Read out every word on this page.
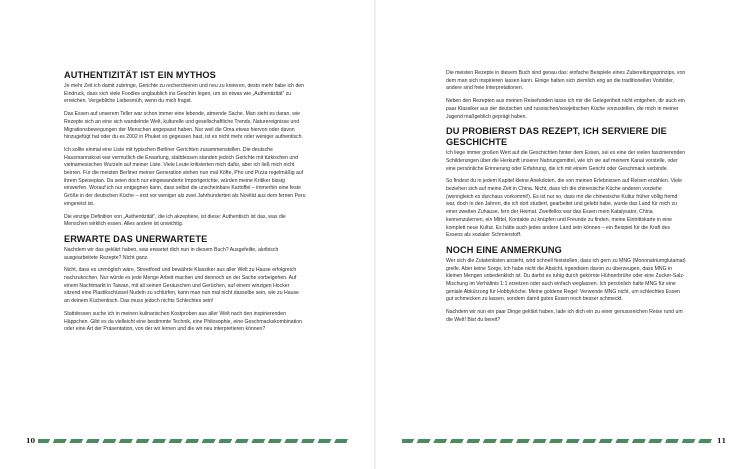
AUTHENTIZITÄT IST EIN MYTHOS

Je mehr Zeit ich damit zubringe, Gerichte zu recherchieren und neu zu kreieren, desto mehr habe ich den Eindruck, dass sich viele Foodies unglaublich ins Geschirr legen, um so etwas wie „Authentizität“ zu erreichen. Vergebliche Liebesmüh, wenn du mich fragst.

Das Essen auf unserem Teller war schon immer eine lebende, atmende Sache. Man sieht es daran, wie Rezepte sich an eine sich wandelnde Welt, kulturelle und gesellschaftliche Trends, Naturereignisse und Migrationsbewegungen der Menschen angepasst haben. Nur weil die Oma etwas hiervon oder davon hinzugefügt hat oder du es 2002 in Phuket so gegessen hast, ist es nicht mehr oder weniger authentisch.

Ich sollte einmal eine Liste mit typischen Berliner Gerichten zusammenstellen. Die deutsche Hausmannskost war vermutlich die Erwartung, stattdessen standen jedoch Gerichte mit türkischen und vietnamesischen Wurzeln auf meiner Liste. Viele Leute kritisierten mich dafür, aber ich ließ mich nicht beirren. Für die meisten Berliner meiner Generation stehen nun mal Köfte, Pho und Pizza regelmäßig auf ihrem Speiseplan. Da seien doch nur eingewanderte Importgerichte, würden meine Kritiker bissig einwerfen. Worauf ich nur entgegnen kann, dass selbst die unscheinbare Kartoffel – immerhin eine feste Größe in der deutschen Küche – erst vor weniger als zwei Jahrhunderten als Novität aus dem fernen Peru eingereist ist.

Die einzige Definition von „Authentizität“, die ich akzeptiere, ist diese: Authentisch ist das, was die Menschen wirklich essen. Alles andere ist unwichtig.

ERWARTE DAS UNERWARTETE

Nachdem wir das geklärt haben, was erwartet dich nun in diesem Buch? Ausgefeilte, akribisch ausgearbeitete Rezepte? Nicht ganz.

Nicht, dass es unmöglich wäre, Streetfood und bewährte Klassiker aus aller Welt zu Hause erfolgreich nachzukochen. Nur würde es jede Menge Arbeit machen und dennoch an der Sache vorbeigehen. Auf einem Nachtmarkt in Taiwan, mit all seinen Geräuschen und Gerüchen, auf einem winzigen Hocker sitzend eine Plastikschüssel Nudeln zu schlürfen, kann man nun mal nicht dasselbe sein, wie zu Hause an deinem Küchentisch. Das muss jedoch nichts Schlechtes sein!

Stattdessen suche ich in meinen kulinarischen Kostproben aus aller Welt nach den inspirierenden Häppchen. Gibt es da vielleicht eine bestimmte Technik, eine Philosophie, eine Geschmackskombination oder eine Art der Präsentation, von der wir lernen und die wir neu interpretieren können?

Die meisten Rezepte in diesem Buch sind genau das: einfache Beispiele eines Zubereitungsprinzips, von dem man sich inspirieren lassen kann. Einige halten sich ziemlich eng an die traditionellen Vorbilder, andere sind freie Interpretationen.

Neben den Rezepten aus meinen Reisefunden lasse ich mir die Gelegenheit nicht entgehen, dir auch ein paar Klassiker aus der deutschen und russischen/sowjetischen Küche vorzustellen, die mich in meiner Jugend maßgeblich geprägt haben.

DU PROBIERST DAS REZEPT, ICH SERVIERE DIE GESCHICHTE

Ich liege immer großen Wert auf die Geschichten hinter dem Essen, sei es eine der vielen faszinierenden Schilderungen über die Herkunft unserer Nahrungsmittel, wie ich sie auf meinem Kanal vorstelle, oder eine persönliche Erinnerung oder Erfahrung, die ich mit einem Gericht oder Geschmack verbinde.

So findest du in jedem Kapitel kleine Anekdoten, die von meinen Erlebnissen auf Reisen erzählen. Viele beziehen sich auf meine Zeit in China. Nicht, dass ich die chinesische Küche anderen vorziehe (wenngleich es durchaus vorkommt!). Es ist nur so, dass mir die chinesische Kultur früher völlig fremd war, doch in den Jahren, die ich dort studiert, gearbeitet und gelebt habe, wurde das Land für mich zu einer zweiten Zuhause, fern der Heimat. Zweifellos war das Essen mein Katalysator, China kennenzulernen, ein Mittel, Kontakte zu knüpfen und Freunde zu finden, meine Eintrittskarte in eine komplett neue Kultur. Es hätte auch jedes andere Land sein können – ein Beispiel für die Kraft des Essens als sozialer Schmierstoff.

NOCH EINE ANMERKUNG

Wer sich die Zutatenlisten ansieht, wird schnell feststellen, dass ich gern zu MNG (Mononatriumglutamat) greife. Aber keine Sorge, ich habe nicht die Absicht, irgendwen davon zu überzeugen, dass MNG in kleinen Mengen unbedenklich ist. Du darfst es ruhig durch gekörnte Hühnerbrühe oder eine Zucker-Salz-Mischung im Verhältnis 1:1 ersetzen oder auch einfach weglassen. Ich persönlich halte MNG für eine geniale Abkürzung für Hobbyköche. Meine goldene Regel: Verwende MNG nicht, um schlechtes Essen gut schmecken zu lassen, sondern damit gutes Essen noch besser schmeckt.

Nachdem wir nun ein paar Dinge geklärt haben, lade ich dich ein zu einer genussreichen Reise rund um die Welt! Bist du bereit?

10	11
